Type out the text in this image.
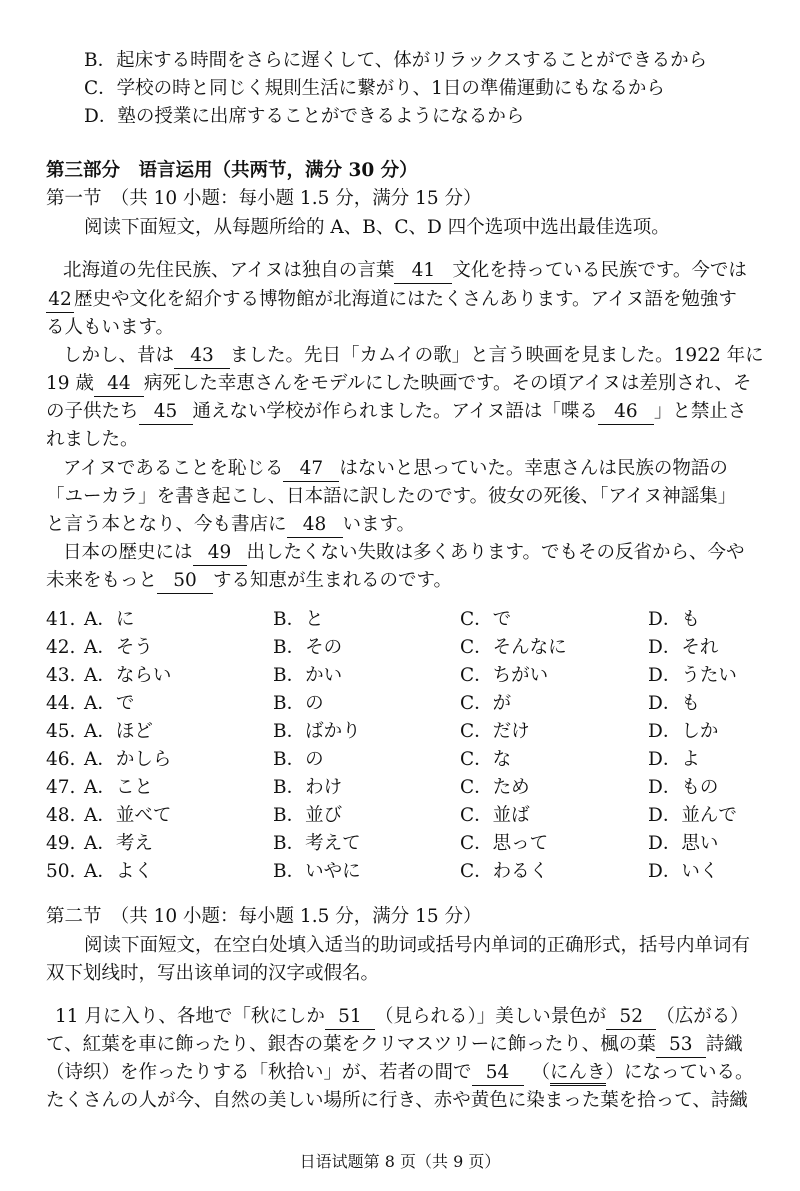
B．起床する時間をさらに遅くして、体がリラックスすることができるから
C．学校の時と同じく規則生活に繋がり、1日の準備運動にもなるから
D．塾の授業に出席することができるようになるから
第三部分　语言运用（共两节，满分 30 分）
第一节　（共 10 小题：每小题 1.5 分，满分 15 分）
阅读下面短文，从每题所给的 A、B、C、D 四个选项中选出最佳选项。
北海道の先住民族、アイヌは独自の言葉 41 文化を持っている民族です。今では
42 歴史や文化を紹介する博物館が北海道にはたくさんあります。アイヌ語を勉強す
る人もいます。
しかし、昔は 43 ました。先日「カムイの歌」と言う映画を見ました。1922 年に
19 歳 44 病死した幸恵さんをモデルにした映画です。その頃アイヌは差別され、そ
の子供たち 45 通えない学校が作られました。アイヌ語は「喋る 46 」と禁止さ
れました。
アイヌであることを恥じる 47 はないと思っていた。幸恵さんは民族の物語の
「ユーカラ」を書き起こし、日本語に訳したのです。彼女の死後、「アイヌ神謡集」
と言う本となり、今も書店に 48 います。
日本の歴史には 49 出したくない失敗は多くあります。でもその反省から、今や
未来をもっと 50 する知恵が生まれるのです。
41. A．に	B．と	C．で	D．も
42. A．そう	B．その	C．そんなに	D．それ
43. A．ならい	B．かい	C．ちがい	D．うたい
44. A．で	B．の	C．が	D．も
45. A．ほど	B．ばかり	C．だけ	D．しか
46. A．かしら	B．の	C．な	D．よ
47. A．こと	B．わけ	C．ため	D．もの
48. A．並べて	B．並び	C．並ば	D．並んで
49. A．考え	B．考えて	C．思って	D．思い
50. A．よく	B．いやに	C．わるく	D．いく
第二节　（共 10 小题：每小题 1.5 分，满分 15 分）
阅读下面短文，在空白处填入适当的助词或括号内单词的正确形式，括号内单词有
双下划线时，写出该单词的汉字或假名。
11 月に入り、各地で「秋にしか 51 （見られる）」美しい景色が 52 （広がる）
て、紅葉を車に飾ったり、銀杏の葉をクリマスツリーに飾ったり、楓の葉 53 詩織
（诗织）を作ったりする「秋拾い」が、若者の間で 54 （にんき）になっている。
たくさんの人が今、自然の美しい場所に行き、赤や黄色に染まった葉を拾って、詩織
日语试题第 8 页（共 9 页）
